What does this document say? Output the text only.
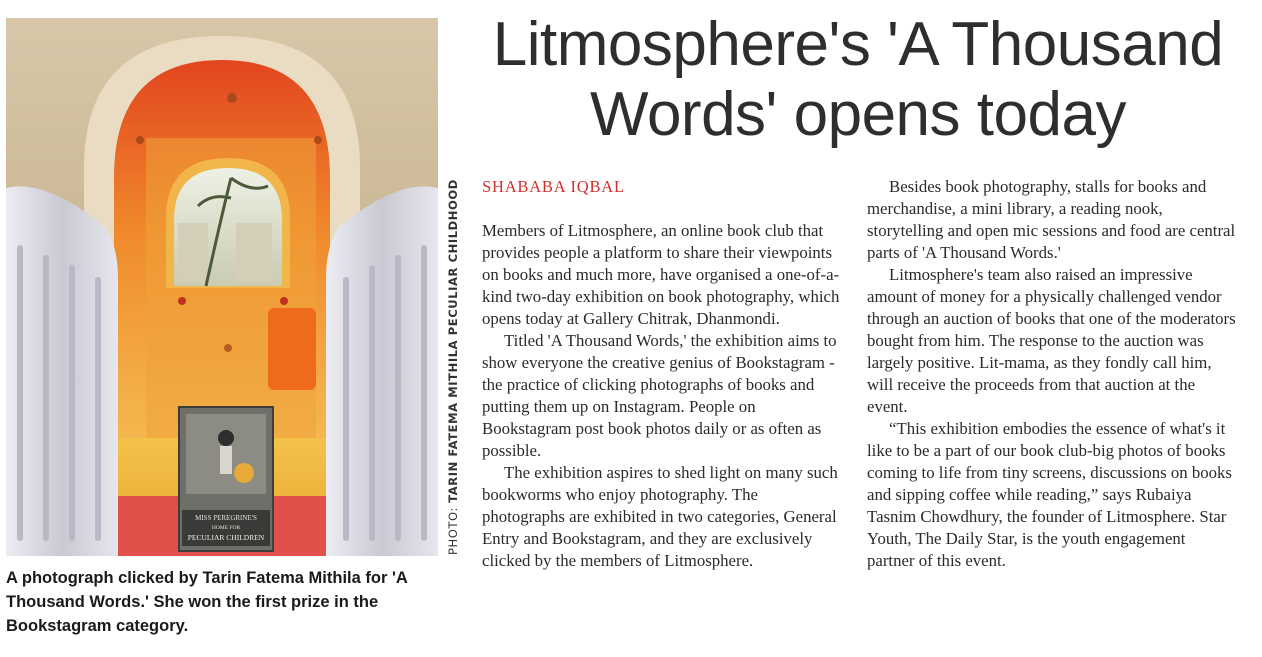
MISS PEREGRINE'S
HOME FOR
PECULIAR CHILDREN	PHOTO: TARIN FATEMA MITHILA PECULIAR CHILDHOOD

A photograph clicked by Tarin Fatema Mithila for 'A Thousand Words.' She won the first prize in the Bookstagram category.

Litmosphere's 'A Thousand Words' opens today
SHABABA IQBAL

Members of Litmosphere, an online book club that provides people a platform to share their viewpoints on books and much more, have organised a one-of-a-kind two-day exhibition on book photography, which opens today at Gallery Chitrak, Dhanmondi.

Titled 'A Thousand Words,' the exhibition aims to show everyone the creative genius of Bookstagram - the practice of clicking photographs of books and putting them up on Instagram. People on Bookstagram post book photos daily or as often as possible.

The exhibition aspires to shed light on many such bookworms who enjoy photography. The photographs are exhibited in two categories, General Entry and Bookstagram, and they are exclusively clicked by the members of Litmosphere.

Besides book photography, stalls for books and merchandise, a mini library, a reading nook, storytelling and open mic sessions and food are central parts of 'A Thousand Words.'

Litmosphere's team also raised an impressive amount of money for a physically challenged vendor through an auction of books that one of the moderators bought from him. The response to the auction was largely positive. Lit-mama, as they fondly call him, will receive the proceeds from that auction at the event.

“This exhibition embodies the essence of what's it like to be a part of our book club-big photos of books coming to life from tiny screens, discussions on books and sipping coffee while reading,” says Rubaiya Tasnim Chowdhury, the founder of Litmosphere. Star Youth, The Daily Star, is the youth engagement partner of this event.
